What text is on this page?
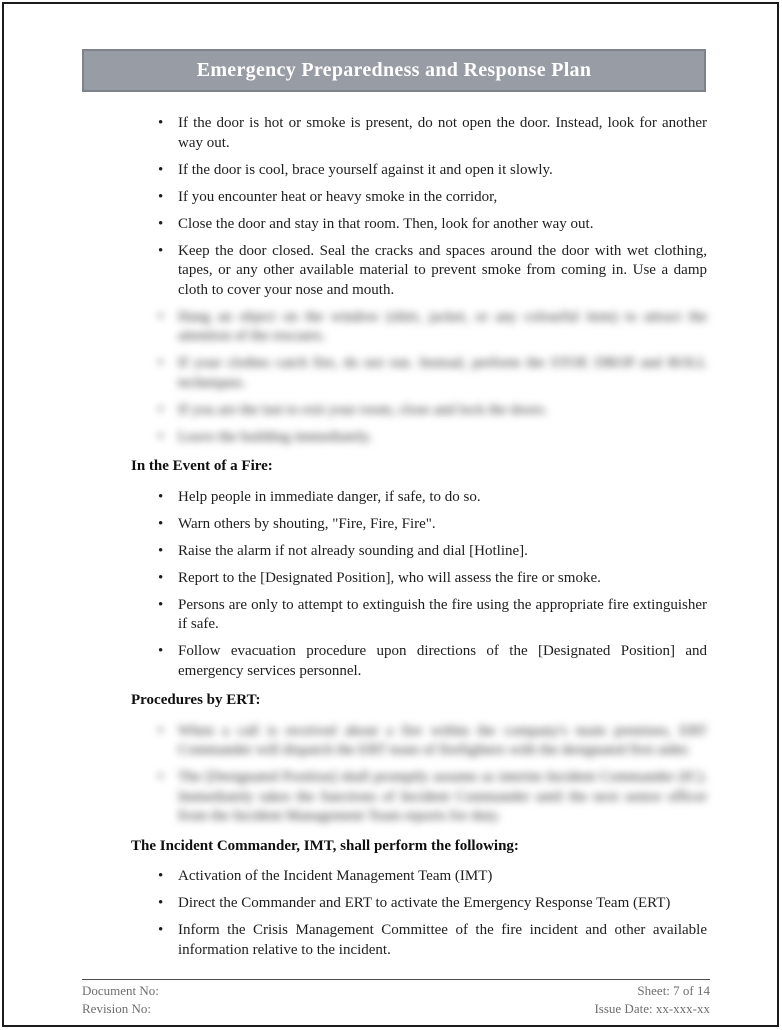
Emergency Preparedness and Response Plan
• If the door is hot or smoke is present, do not open the door. Instead, look for another way out.
• If the door is cool, brace yourself against it and open it slowly.
• If you encounter heat or heavy smoke in the corridor,
• Close the door and stay in that room. Then, look for another way out.
• Keep the door closed. Seal the cracks and spaces around the door with wet clothing, tapes, or any other available material to prevent smoke from coming in. Use a damp cloth to cover your nose and mouth.
• Hang an object on the window (shirt, jacket, or any colourful item) to attract the attention of the rescuers.
• If your clothes catch fire, do not run. Instead, perform the STOP, DROP and ROLL techniques.
• If you are the last to exit your room, close and lock the doors.
• Leave the building immediately.
In the Event of a Fire:
• Help people in immediate danger, if safe, to do so.
• Warn others by shouting, "Fire, Fire, Fire".
• Raise the alarm if not already sounding and dial [Hotline].
• Report to the [Designated Position], who will assess the fire or smoke.
• Persons are only to attempt to extinguish the fire using the appropriate fire extinguisher if safe.
• Follow evacuation procedure upon directions of the [Designated Position] and emergency services personnel.
Procedures by ERT:
• When a call is received about a fire within the company's main premises, ERT Commander will dispatch the ERT team of firefighters with the designated first aider.
• The [Designated Position] shall promptly assume as interim Incident Commander (IC). Immediately takes the functions of Incident Commander until the next senior officer from the Incident Management Team reports for duty.
The Incident Commander, IMT, shall perform the following:
• Activation of the Incident Management Team (IMT)
• Direct the Commander and ERT to activate the Emergency Response Team (ERT)
• Inform the Crisis Management Committee of the fire incident and other available information relative to the incident.
Document No:
Revision No:
Sheet: 7 of 14
Issue Date: xx-xxx-xx
